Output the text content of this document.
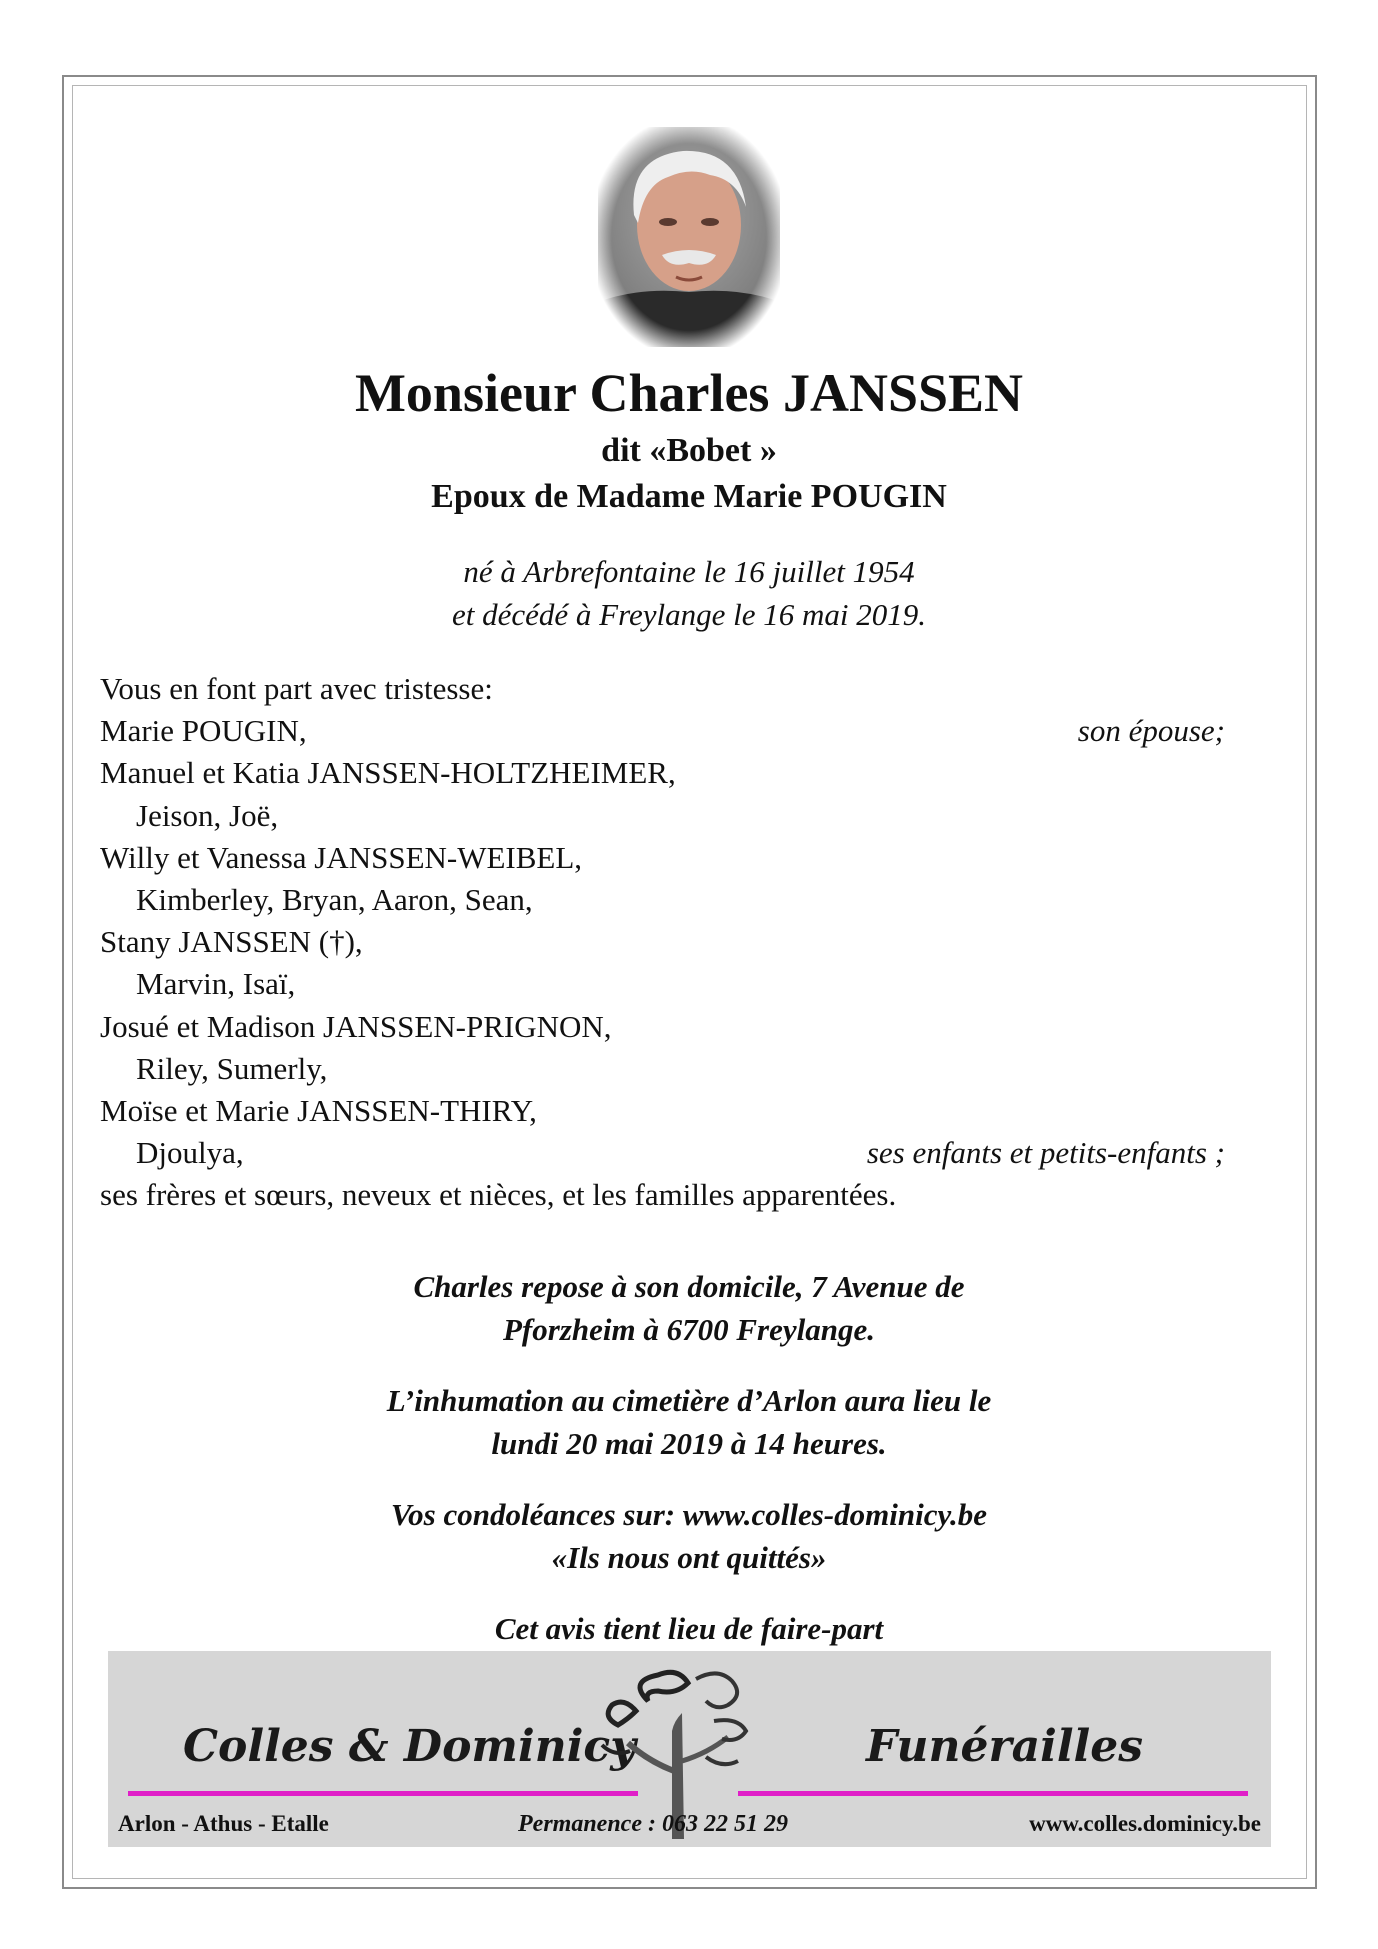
Monsieur Charles JANSSEN
dit «Bobet »
Epoux de Madame Marie POUGIN
né à Arbrefontaine le 16 juillet 1954
et décédé à Freylange le 16 mai 2019.
Vous en font part avec tristesse:
Marie POUGIN,	son épouse;
Manuel et Katia JANSSEN-HOLTZHEIMER,
Jeison, Joë,
Willy et Vanessa JANSSEN-WEIBEL,
Kimberley, Bryan, Aaron, Sean,
Stany JANSSEN (†),
Marvin, Isaï,
Josué et Madison JANSSEN-PRIGNON,
Riley, Sumerly,
Moïse et Marie JANSSEN-THIRY,
Djoulya,	ses enfants et petits-enfants ;
ses frères et sœurs, neveux et nièces, et les familles apparentées.
Charles repose à son domicile, 7 Avenue de
Pforzheim à 6700 Freylange.
L’inhumation au cimetière d’Arlon aura lieu le
lundi 20 mai 2019 à 14 heures.
Vos condoléances sur: www.colles-dominicy.be
«Ils nous ont quittés»
Cet avis tient lieu de faire-part
Colles & Dominicy	Funérailles
Arlon - Athus - Etalle	Permanence : 063 22 51 29	www.colles.dominicy.be
